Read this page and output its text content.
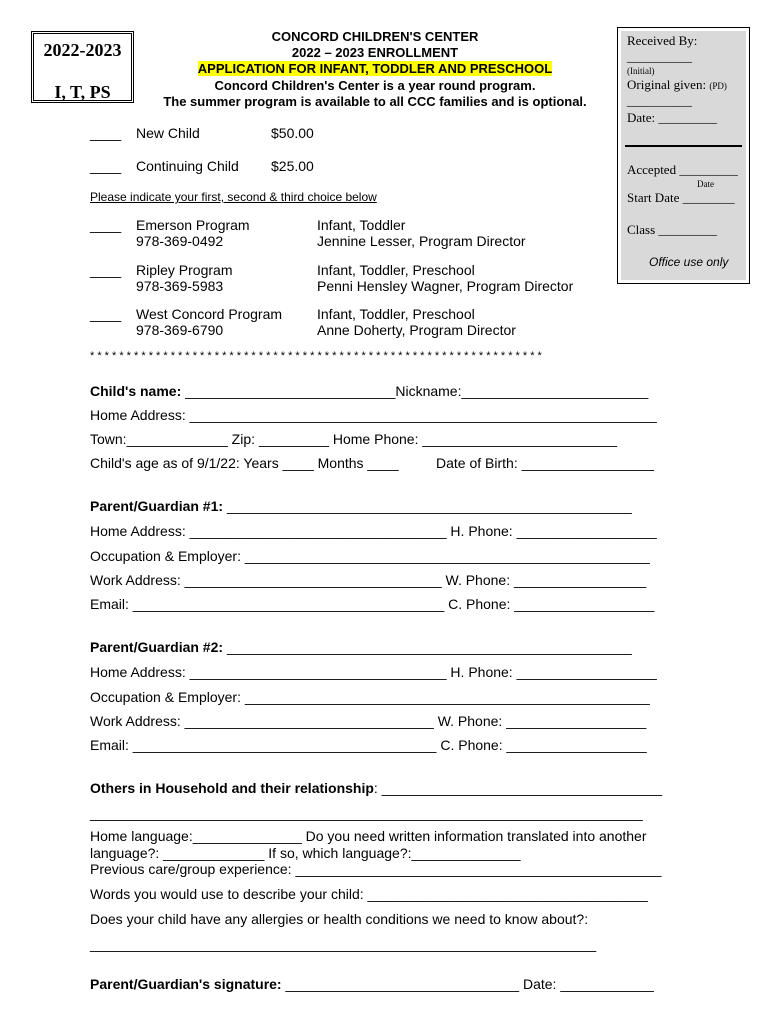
2022-2023
I, T, PS
CONCORD CHILDREN'S CENTER
2022 – 2023 ENROLLMENT
APPLICATION FOR INFANT, TODDLER AND PRESCHOOL
Concord Children's Center is a year round program.
The summer program is available to all CCC families and is optional.
Received By:
__________
(Initial)
Original given: (PD)
__________
Date: _________
Accepted _________
Date
Start Date ________
Class _________
Office use only
____ New Child	$50.00
____ Continuing Child $25.00
Please indicate your first, second & third choice below
____ Emerson Program
978-369-0492
Infant, Toddler
Jennine Lesser, Program Director
____ Ripley Program
978-369-5983
Infant, Toddler, Preschool
Penni Hensley Wagner, Program Director
____ West Concord Program
978-369-6790
Infant, Toddler, Preschool
Anne Doherty, Program Director
* * * * * * * * * * * * * * * * * * * * * * * * * * * * * * * * * * * * * * * * * * * * * * * * * * * * * * * * * * * * * *
Child's name: ___________________________Nickname:________________________
Home Address: ____________________________________________________________
Town:_____________ Zip: _________ Home Phone: _________________________
Child's age as of 9/1/22: Years ____ Months ____	Date of Birth: _________________
Parent/Guardian #1: ____________________________________________________
Home Address: _________________________________ H. Phone: __________________
Occupation & Employer: ____________________________________________________
Work Address: _________________________________ W. Phone: _________________
Email: ________________________________________ C. Phone: __________________
Parent/Guardian #2: ____________________________________________________
Home Address: _________________________________ H. Phone: __________________
Occupation & Employer: ____________________________________________________
Work Address: ________________________________ W. Phone: __________________
Email: _______________________________________ C. Phone: __________________
Others in Household and their relationship: ____________________________________
_______________________________________________________________________
Home language:______________ Do you need written information translated into another
language?: _____________ If so, which language?:______________
Previous care/group experience: _______________________________________________
Words you would use to describe your child: ____________________________________
Does your child have any allergies or health conditions we need to know about?:
_________________________________________________________________
Parent/Guardian's signature: ______________________________ Date: ____________
